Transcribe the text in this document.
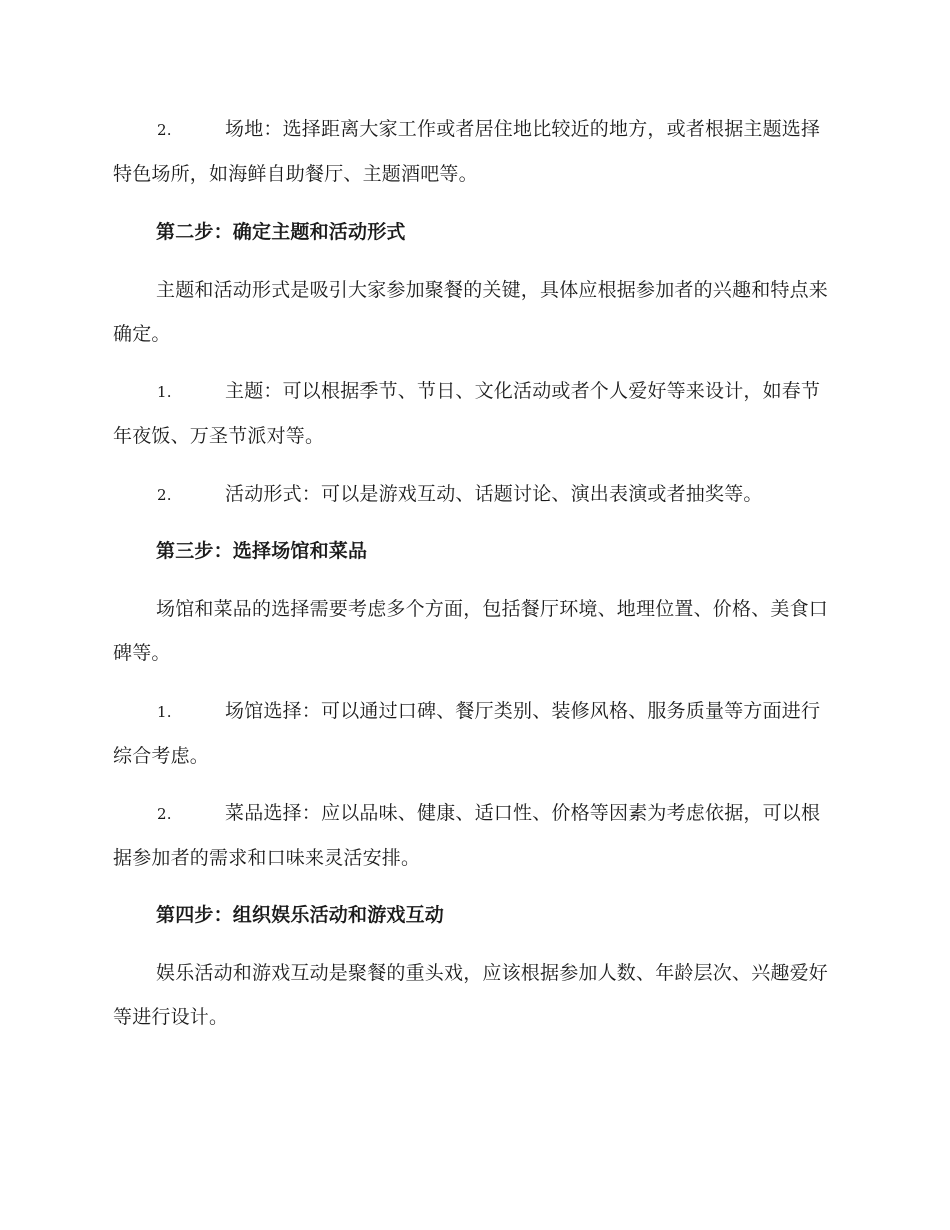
2.	场地：选择距离大家工作或者居住地比较近的地方，或者根据主题选择特色场所，如海鲜自助餐厅、主题酒吧等。
第二步：确定主题和活动形式
主题和活动形式是吸引大家参加聚餐的关键，具体应根据参加者的兴趣和特点来确定。
1.	主题：可以根据季节、节日、文化活动或者个人爱好等来设计，如春节年夜饭、万圣节派对等。
2.	活动形式：可以是游戏互动、话题讨论、演出表演或者抽奖等。
第三步：选择场馆和菜品
场馆和菜品的选择需要考虑多个方面，包括餐厅环境、地理位置、价格、美食口碑等。
1.	场馆选择：可以通过口碑、餐厅类别、装修风格、服务质量等方面进行综合考虑。
2.	菜品选择：应以品味、健康、适口性、价格等因素为考虑依据，可以根据参加者的需求和口味来灵活安排。
第四步：组织娱乐活动和游戏互动
娱乐活动和游戏互动是聚餐的重头戏，应该根据参加人数、年龄层次、兴趣爱好等进行设计。
